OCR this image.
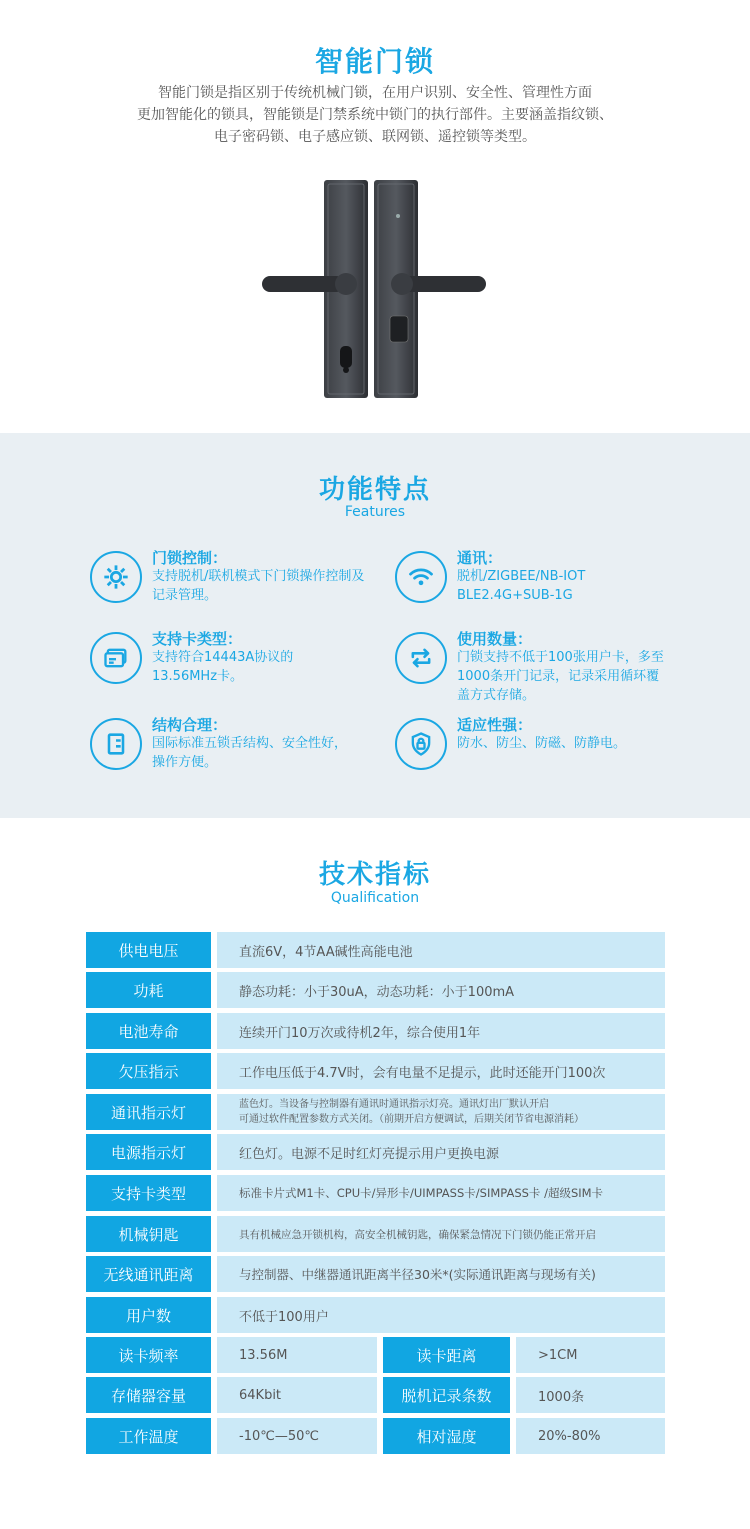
智能门锁
智能门锁是指区别于传统机械门锁，在用户识别、安全性、管理性方面
更加智能化的锁具，智能锁是门禁系统中锁门的执行部件。主要涵盖指纹锁、
电子密码锁、电子感应锁、联网锁、遥控锁等类型。
功能特点
Features
门锁控制：
支持脱机/联机模式下门锁操作控制及记录管理。
通讯：
脱机/ZIGBEE/NB-IOT
BLE2.4G+SUB-1G
支持卡类型：
支持符合14443A协议的
13.56MHz卡。
使用数量：
门锁支持不低于100张用户卡，多至1000条开门记录，记录采用循环覆盖方式存储。
结构合理：
国际标准五锁舌结构、安全性好，操作方便。
适应性强：
防水、防尘、防磁、防静电。
技术指标
Qualification
供电电压	直流6V，4节AA碱性高能电池
功耗	静态功耗：小于30uA，动态功耗：小于100mA
电池寿命	连续开门10万次或待机2年，综合使用1年
欠压指示	工作电压低于4.7V时，会有电量不足提示，此时还能开门100次
通讯指示灯	蓝色灯。当设备与控制器有通讯时通讯指示灯亮。通讯灯出厂默认开启
可通过软件配置参数方式关闭。（前期开启方便调试，后期关闭节省电源消耗）
电源指示灯	红色灯。电源不足时红灯亮提示用户更换电源
支持卡类型	标准卡片式M1卡、CPU卡/异形卡/UIMPASS卡/SIMPASS卡 /超级SIM卡
机械钥匙	具有机械应急开锁机构，高安全机械钥匙，确保紧急情况下门锁仍能正常开启
无线通讯距离	与控制器、中继器通讯距离半径30米*(实际通讯距离与现场有关)
用户数	不低于100用户
读卡频率	13.56M	读卡距离	>1CM
存储器容量	64Kbit	脱机记录条数	1000条
工作温度	-10℃—50℃	相对湿度	20%-80%
